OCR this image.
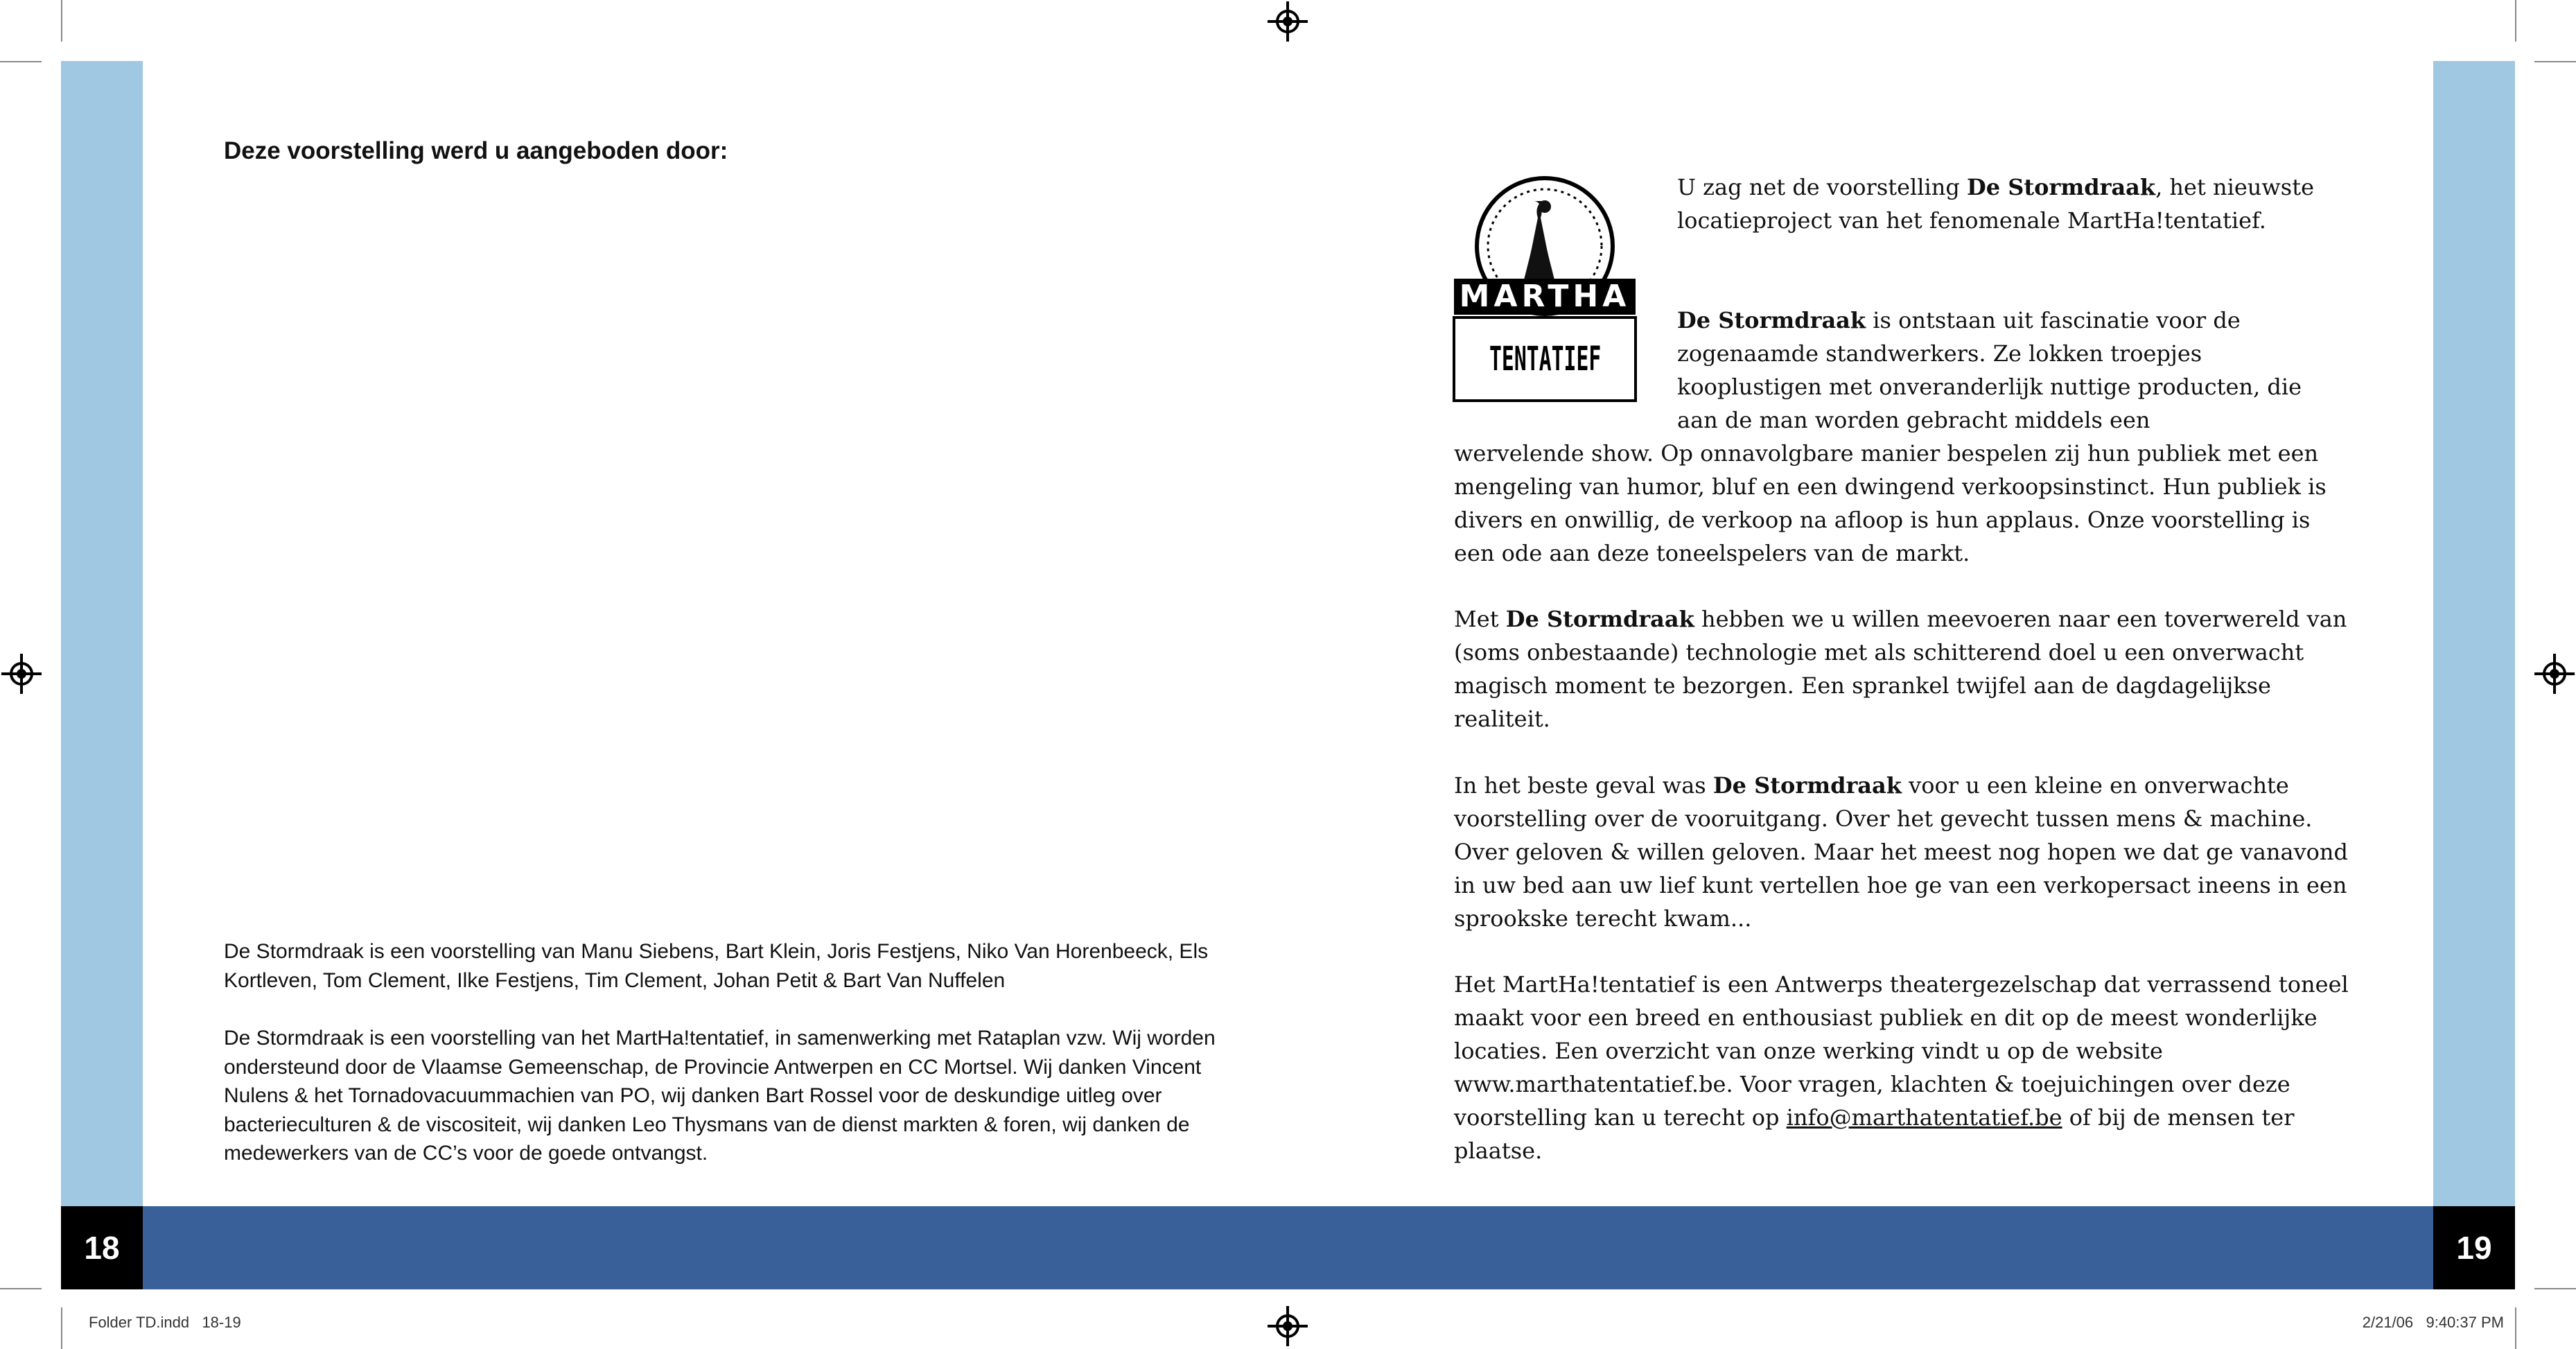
18	19
Deze voorstelling werd u aangeboden door:
De Stormdraak is een voorstelling van Manu Siebens, Bart Klein, Joris Festjens, Niko Van Horenbeeck, Els Kortleven, Tom Clement, Ilke Festjens, Tim Clement, Johan Petit & Bart Van Nuffelen
De Stormdraak is een voorstelling van het MartHa!tentatief, in samenwerking met Rataplan vzw. Wij worden ondersteund door de Vlaamse Gemeenschap, de Provincie Antwerpen en CC Mortsel. Wij danken Vincent Nulens & het Tornadovacuummachien van PO, wij danken Bart Rossel voor de deskundige uitleg over bacterieculturen & de viscositeit, wij danken Leo Thysmans van de dienst markten & foren, wij danken de medewerkers van de CC’s voor de goede ontvangst.
MARTHA
TENTATIEF
U zag net de voorstelling De Stormdraak, het nieuwste locatieproject van het fenomenale MartHa!tentatief.
De Stormdraak is ontstaan uit fascinatie voor de zogenaamde standwerkers. Ze lokken troepjes kooplustigen met onveranderlijk nuttige producten, die aan de man worden gebracht middels een
wervelende show. Op onnavolgbare manier bespelen zij hun publiek met een mengeling van humor, bluf en een dwingend verkoopsinstinct. Hun publiek is divers en onwillig, de verkoop na afloop is hun applaus. Onze voorstelling is een ode aan deze toneelspelers van de markt.
Met De Stormdraak hebben we u willen meevoeren naar een toverwereld van (soms onbestaande) technologie met als schitterend doel u een onverwacht magisch moment te bezorgen. Een sprankel twijfel aan de dagdagelijkse realiteit.
In het beste geval was De Stormdraak voor u een kleine en onverwachte voorstelling over de vooruitgang. Over het gevecht tussen mens & machine. Over geloven & willen geloven. Maar het meest nog hopen we dat ge vanavond in uw bed aan uw lief kunt vertellen hoe ge van een verkopersact ineens in een sprookske terecht kwam...
Het MartHa!tentatief is een Antwerps theatergezelschap dat verrassend toneel maakt voor een breed en enthousiast publiek en dit op de meest wonderlijke locaties. Een overzicht van onze werking vindt u op de website www.marthatentatief.be. Voor vragen, klachten & toejuichingen over deze voorstelling kan u terecht op info@marthatentatief.be of bij de mensen ter plaatse.
Folder TD.indd   18-19	2/21/06   9:40:37 PM
